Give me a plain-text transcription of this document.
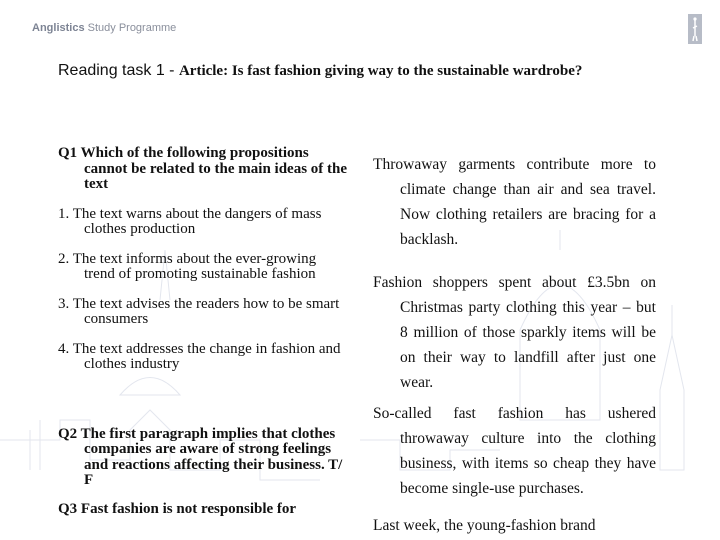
Anglistics Study Programme
Reading task 1 - Article: Is fast fashion giving way to the sustainable wardrobe?
Q1 Which of the following propositions cannot be related to the main ideas of the text
1. The text warns about the dangers of mass clothes production
2. The text informs about the ever-growing trend of promoting sustainable fashion
3. The text advises the readers how to be smart consumers
4. The text addresses the change in fashion and clothes industry
Q2 The first paragraph implies that clothes companies are aware of strong feelings and reactions affecting their business. T/ F
Q3 Fast fashion is not responsible for
Throwaway garments contribute more to climate change than air and sea travel. Now clothing retailers are bracing for a backlash.
Fashion shoppers spent about £3.5bn on Christmas party clothing this year – but 8 million of those sparkly items will be on their way to landfill after just one wear.
So-called fast fashion has ushered throwaway culture into the clothing business, with items so cheap they have become single-use purchases.
Last week, the young-fashion brand
